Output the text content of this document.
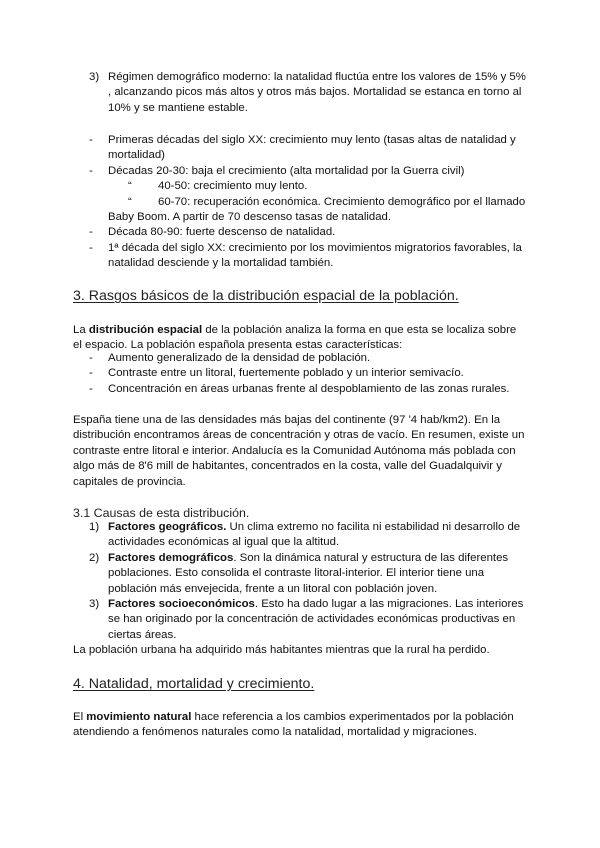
3) Régimen demográfico moderno: la natalidad fluctúa entre los valores de 15% y 5% , alcanzando picos más altos y otros más bajos. Mortalidad se estanca en torno al 10% y se mantiene estable.

- Primeras décadas del siglo XX: crecimiento muy lento (tasas altas de natalidad y mortalidad)
- Décadas 20-30: baja el crecimiento (alta mortalidad por la Guerra civil)
“ 40-50: crecimiento muy lento.
“ 60-70: recuperación económica. Crecimiento demográfico por el llamado Baby Boom. A partir de 70 descenso tasas de natalidad.
- Década 80-90: fuerte descenso de natalidad.
- 1ª década del siglo XX: crecimiento por los movimientos migratorios favorables, la natalidad desciende y la mortalidad también.
3. Rasgos básicos de la distribución espacial de la población.

La distribución espacial de la población analiza la forma en que esta se localiza sobre el espacio. La población española presenta estas características:

- Aumento generalizado de la densidad de población.
- Contraste entre un litoral, fuertemente poblado y un interior semivacío.
- Concentración en áreas urbanas frente al despoblamiento de las zonas rurales.

España tiene una de las densidades más bajas del continente (97 '4 hab/km2). En la distribución encontramos áreas de concentración y otras de vacío. En resumen, existe un contraste entre litoral e interior. Andalucía es la Comunidad Autónoma más poblada con algo más de 8'6 mill de habitantes, concentrados en la costa, valle del Guadalquivir y capitales de provincia.

3.1 Causas de esta distribución.
1) Factores geográficos. Un clima extremo no facilita ni estabilidad ni desarrollo de actividades económicas al igual que la altitud.
2) Factores demográficos. Son la dinámica natural y estructura de las diferentes poblaciones. Esto consolida el contraste litoral-interior. El interior tiene una población más envejecida, frente a un litoral con población joven.
3) Factores socioeconómicos. Esto ha dado lugar a las migraciones. Las interiores se han originado por la concentración de actividades económicas productivas en ciertas áreas.

La población urbana ha adquirido más habitantes mientras que la rural ha perdido.

4. Natalidad, mortalidad y crecimiento.

El movimiento natural hace referencia a los cambios experimentados por la población atendiendo a fenómenos naturales como la natalidad, mortalidad y migraciones.
